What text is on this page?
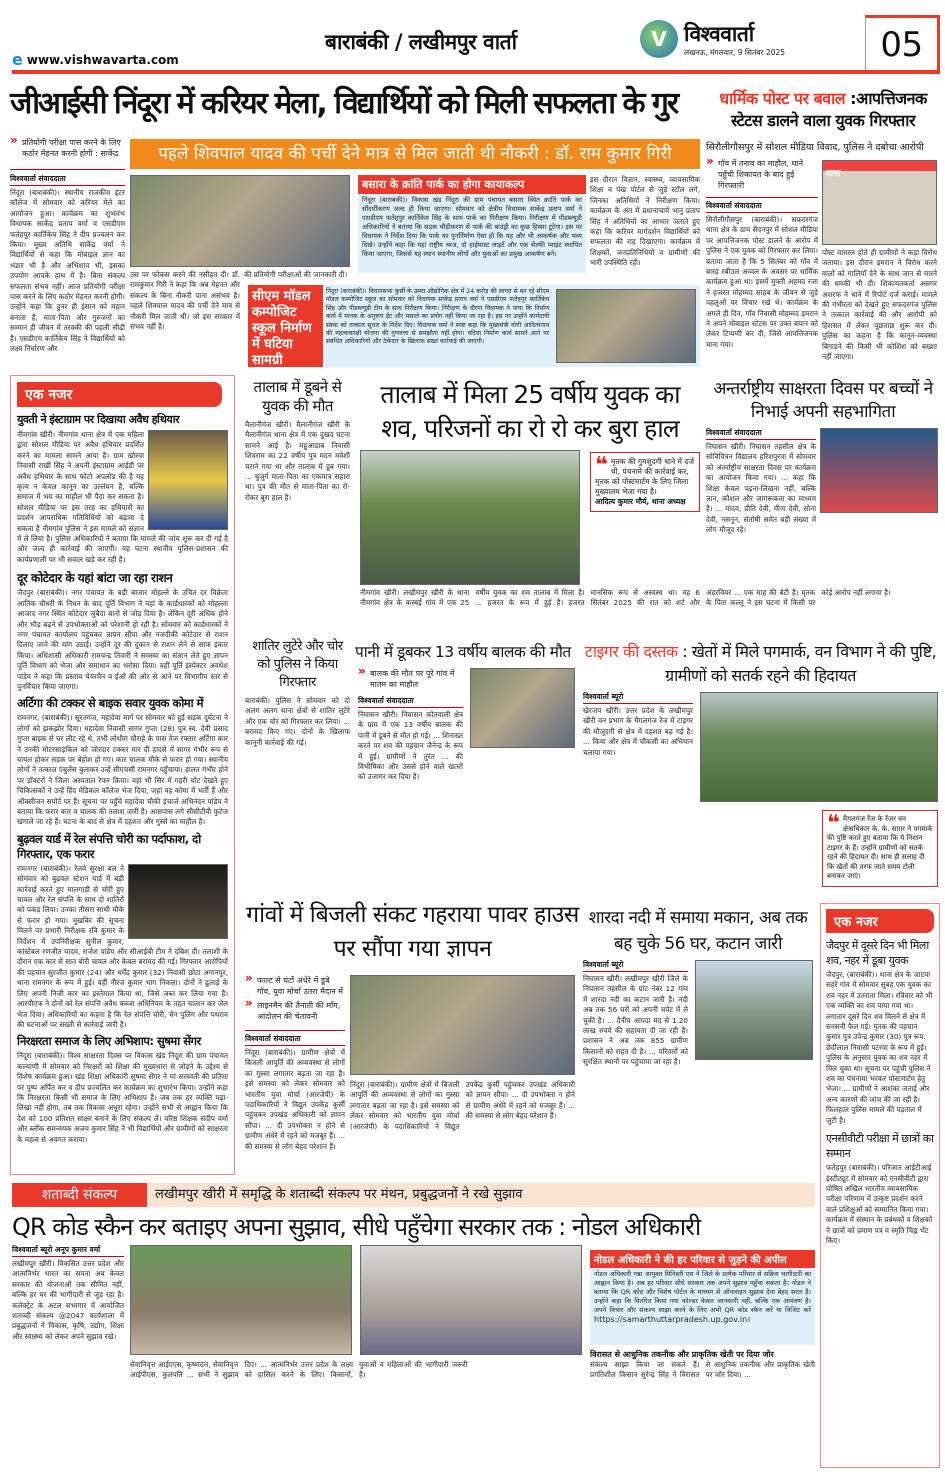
e www.vishwavarta.com
बाराबंकी / लखीमपुर वार्ता	V विश्ववार्ता
लखनऊ, मंगलवार, 9 सितंबर 2025	05
जीआईसी निंदूरा में करियर मेला, विद्यार्थियों को मिली सफलता के गुर
पहले शिवपाल यादव की पर्ची देने मात्र से मिल जाती थी नौकरी : डॉ. राम कुमार गिरी
» प्रतियोगी परीक्षा पास करने के लिए कठोर मेहनत करनी होगी : साकेंद्र
विश्ववार्ता संवाददाता
निंदूरा (बाराबंकी)। स्थानीय राजकीय इंटर कॉलेज में सोमवार को करियर मेले का आयोजन हुआ। कार्यक्रम का शुभारंभ विधायक साकेंद्र प्रताप वर्मा व एसडीएम फतेहपुर कार्तिकेय सिंह ने दीप प्रज्वलन कर किया। मुख्य अतिथि साकेंद्र वर्मा ने विद्यार्थियों से कहा कि मोबाइल ज्ञान का भंडार भी है और अभिशाप भी, इसका उपयोग आपके हाथ में है। बिना संकल्प सफलता संभव नहीं। आज प्रतियोगी परीक्षा पास करने के लिए कठोर मेहनत करनी होगी। उन्होंने कहा कि हुनर ही इंसान को महान बनाता है, माता-पिता और गुरुजनों का सम्मान ही जीवन में तरक्की की पहली सीढ़ी है। एसडीएम कार्तिकेय सिंह ने विद्यार्थियों को लक्ष्य निर्धारण और
उस पर फोकस करने की नसीहत दी। डॉ. रामकुमार गिरी ने कहा कि अब मेहनत और संकल्प के बिना नौकरी पाना असंभव है। पहले शिवपाल यादव की पर्ची देने मात्र से नौकरी मिल जाती थी। जो इस सरकार में संभव नहीं है।
की प्रतियोगी परीक्षाओं की जानकारी दी।
बसारा के क्रांति पार्क का होगा कायाकल्प
निंदूरा (बाराबंकी)। विकास खंड निंदूरा की ग्राम पंचायत बसारा स्थित क्रांति पार्क का सौंदर्यीकरण जल्द ही किया जाएगा। सोमवार को क्षेत्रीय विधायक साकेंद्र प्रताप वर्मा ने एसडीएम फतेहपुर कार्तिकेय सिंह के साथ पार्क का निरीक्षण किया। निरीक्षण में पीडब्ल्यूडी अधिकारियों ने बताया कि सड़क चौड़ीकरण से पार्क की बाउंड्री का कुछ हिस्सा टूटेगा। इस पर विधायक ने निर्देश दिया कि पार्क का पुनर्निर्माण ऐसा हो कि यह और भी आकर्षक और भव्य दिखे। उन्होंने कहा कि यहां राष्ट्रीय ध्वज, दो हाईमास्ट लाइटें और एक सेल्फी प्वाइंट स्थापित किया जाएगा, जिससे यह स्थान स्थानीय लोगों और युवाओं का प्रमुख आकर्षण बने।
इस दौरान विज्ञान, स्वास्थ्य, व्यावसायिक शिक्षा व पंख पोर्टल से जुड़े स्टॉल लगे, जिनका अतिथियों ने निरीक्षण किया। कार्यक्रम के अंत में प्रधानाचार्य भानु प्रताप सिंह ने अतिथियों का आभार जताते हुए कहा कि करियर मार्गदर्शन विद्यार्थियों को सफलता की राह दिखाएगा। कार्यक्रम में शिक्षकों, जनप्रतिनिधियों व ग्रामीणों की भारी उपस्थिति रही।
सीएम मॉडल कम्पोजिट स्कूल निर्माण में घटिया सामग्री
निंदूरा (बाराबंकी)। विधानसभा कुर्सी के उमरा औद्योगिक क्षेत्र में 24 करोड़ की लागत से बन रहे सीएम मॉडल कम्पोजिट स्कूल का सोमवार को विधायक साकेंद्र प्रताप वर्मा ने एसडीएम फतेहपुर कार्तिकेय सिंह और पीडब्ल्यूडी टीम के साथ निरीक्षण किया। निरीक्षण के दौरान विधायक ने पाया कि निर्माण कार्य में मानक के अनुरूप ईंट और मसाले का प्रयोग नहीं किया जा रहा है। इस पर उन्होंने कार्यदायी संस्था को तत्काल सुधार के निर्देश दिए। विधायक वर्मा ने स्पष्ट कहा कि मुख्यमंत्री योगी आदित्यनाथ की महत्वाकांक्षी योजना की गुणवत्ता से समझौता नहीं होगा। घटिया निर्माण कार्य सामने आने पर संबंधित अधिकारियों और ठेकेदार के खिलाफ सख्त कार्रवाई की जाएगी।
धार्मिक पोस्ट पर बवाल :आपत्तिजनक स्टेटस डालने वाला युवक गिरफ्तार
सिरौलीगौसपुर में सोशल मीडिया विवाद, पुलिस ने दबोचा आरोपी
» गॉव में तनाव का माहौल, थाने पहुँची शिकायत के बाद हुई गिरफ्तारी
विश्ववार्ता संवाददाता
सिरौलीगौसपुर (बाराबंकी)। सफदरगंज थाना क्षेत्र के ग्राम सैदनपुर में सोशल मीडिया पर आपत्तिजनक पोस्ट डालने के आरोप में पुलिस ने एक युवक को गिरफ्तार कर लिया। बताया जाता है कि 5 सितंबर को गाँव में बारह रबीउल अव्वल के अवसर पर धार्मिक कार्यक्रम हुआ था। इसमें मुफ्ती अहमद रजा ने हजरत मोहम्मद साहब के जीवन से जुड़े पहलुओं पर विचार रखे थे। कार्यक्रम के अगले ही दिन, गाँव निवासी मोहम्मद इमरान ने अपने मोबाइल स्टेटस पर उक्त बयान को लेकर टिप्पणी कर दी, जिसे आपत्तिजनक माना गया।
थाना
पोस्ट वायरल होते ही ग्रामीणों ने कड़ा विरोध जताया। इस दौरान इमरान ने विरोध करने वालों को गालियाँ देने के साथ जान से मारने की धमकी भी दी। शिकायतकर्ता असगर अशरफ ने थाने में रिपोर्ट दर्ज कराई। मामले की गंभीरता को देखते हुए सफदरगंज पुलिस ने तत्काल कार्रवाई की और आरोपी को हिरासत में लेकर पूछताछ शुरू कर दी। पुलिस का कहना है कि कानून-व्यवस्था बिगाड़ने की किसी भी कोशिश को बख्शा नहीं जाएगा।
एक नजर
युवती ने इंस्टाग्राम पर दिखाया अवैध हथियार
नीमगांव खीरी। नीमगांव थाना क्षेत्र में एक महिला द्वारा सोशल मीडिया पर अवैध हथियार प्रदर्शित करने का मामला सामने आया है। ग्राम खोरवा निवासी राखी सिंह ने अपनी इंस्टाग्राम आईडी पर अवैध हथियार के साथ फोटो अपलोड की है यह कृत्य न केवल कानून का उल्लंघन है, बल्कि समाज में भय का माहौल भी पैदा कर सकता है। सोशल मीडिया पर इस तरह का हथियारों का प्रदर्शन आपराधिक गतिविधियों को बढ़ावा दे सकता है नीमगांव पुलिस ने इस मामले को संज्ञान में ले लिया है। पुलिस अधिकारियों ने बताया कि मामले की जांच शुरू कर दी गई है और जल्द ही कार्रवाई की जाएगी। यह घटना स्थानीय पुलिस-प्रशासन की कार्यप्रणाली पर भी सवाल खड़े कर रही है।
दूर कोटेदार के यहां बांटा जा रहा राशन
जैदपुर (बाराबंकी)। नगर पंचायत के बड़ी बाजार मोहल्ले के उचित दर विक्रेता आतिक चौधरी के निधन के बाद पूर्ति विभाग ने यहां के कार्डधारकों को मोहल्ला आजाद नगर स्थित कोटेदार जुबैदा बानो से जोड़ दिया है। लेकिन दूरी अधिक होने और भीड़ बढ़ने से उपभोक्ताओं को परेशानी हो रही है। सोमवार को कार्डधारकों ने नगर पंचायत कार्यालय पहुंचकर ज्ञापन सौंपा और नजदीकी कोटेदार से राशन दिलाए जाने की मांग उठाई। उन्होंने दूर की दुकान से राशन लेने से साफ इंकार किया। अधिशासी अधिकारी रामचन्द्र तिवारी ने समस्या का संज्ञान लेते हुए ज्ञापन पूर्ति विभाग को भेजा और समाधान का भरोसा दिया। वहीं पूर्ति इंस्पेक्टर अवधेश पांडेय ने कहा कि प्रस्ताव चेयरमैन व ईओ की ओर से आने पर विभागीय स्तर से पुनर्विचार किया जाएगा।
अर्टिगा की टक्कर से बाइक सवार युवक कोमा में
रामनगर, (बाराबंकी)। सूरतगंज, महादेवा मार्ग पर सोमवार को हुई सड़क दुर्घटना ने लोगों को झकझोर दिया। महादेवा निवासी सागर गुप्ता (28) पुत्र स्व. देवी प्रसाद गुप्ता बाइक से घर लौट रहे थे, तभी लोधौरा चौराहे के पास तेज रफ्तार अर्टिगा कार ने उनकी मोटरसाइकिल को जोरदार टक्कर मार दी हादसे में सागर गंभीर रूप से घायल होकर सड़क पर बेहोश हो गए। कार चालक मौके से फरार हो गया। स्थानीय लोगों ने तत्काल एंबुलेंस बुलाकर उन्हें सीएचसी रामनगर पहुँचाया। हालत गंभीर होने पर डॉक्टरों ने जिला अस्पताल रेफर किया। वहां भी सिर में गहरी चोट देखते हुए चिकित्सकों ने उन्हें हिंद मेडिकल कॉलेज भेज दिया, जहां वह कोमा में भर्ती हैं और ऑक्सीजन सपोर्ट पर हैं। सूचना पर पहुँचे महादेवा चौकी इंचार्ज अभिनंदन पांडेय ने बताया कि फरार कार व चालक की तलाश जारी है। आसपास लगे सीसीटीवी फुटेज खंगाले जा रहे हैं। घटना के बाद से क्षेत्र में दहशत और गुस्से का माहौल है।
बुढ़वल यार्ड में रेल संपत्ति चोरी का पर्दाफाश, दो गिरफ्तार, एक फरार
रामनगर (बाराबंकी)। रेलवे सुरक्षा बल ने सोमवार को बुढ़वल स्टेशन यार्ड में बड़ी कार्रवाई करते हुए मालगाड़ी से चोरी हुए चावल और रेल संपत्ति के साथ दो शातिरों को पकड़ लिया। उनका तीसरा साथी मौके से फरार हो गया। मुखबिर की सूचना मिलने पर प्रभारी निरीक्षक रवि कुमार के निर्देशन में उपनिरीक्षक सुनील कुमार, कांस्टेबल रणजीत यादव, राजेश पांडेय और सीआईबी टीम ने दबिश दी। तलाशी के दौरान एक कार से सात बोरी चावल और केबल बरामद की गई। गिरफ्तार आरोपियों की पहचान सुरजीत कुमार (24) और धर्मेंद्र कुमार (32) निवासी छोटा अगानपुर, थाना रामनगर के रूप में हुई। वहीं नीरज कुमार भाग निकला। दोनों ने ढुलाई के लिए अपनी निजी कार का इस्तेमाल किया था, जिसे जब्त कर लिया गया है। आरपीएफ ने दोनों को रेल संपत्ति अवैध कब्जा अधिनियम के तहत चालान कर जेल भेज दिया। अधिकारियों का कहना है कि रेल संपत्ति चोरी, चेन पुलिंग और पथराव की घटनाओं पर सख्ती से कार्रवाई जारी है।
निरक्षरता समाज के लिए अभिशाप: सुषमा सेंगर
निंदूरा (बाराबंकी)। विश्व साक्षरता दिवस पर विकास खंड निंदूरा की ग्राम पंचायत कल्याणी में सोमवार को निरक्षरों को शिक्षा की मुख्यधारा से जोड़ने के उद्देश्य से विशेष कार्यक्रम हुआ। खंड शिक्षा अधिकारी सुषमा सेंगर ने मां सरस्वती की प्रतिमा पर पुष्प अर्पित कर व दीप प्रज्वलित कर कार्यक्रम का शुभारंभ किया। उन्होंने कहा कि निरक्षरता किसी भी समाज के लिए अभिशाप है। जब तक हर व्यक्ति पढ़ा-लिखा नहीं होगा, तब तक विकास अधूरा रहेगा। उन्होंने सभी से आह्वान किया कि देश को 100 प्रतिशत साक्षर बनाने के लिए संकल्प लें। वरिष्ठ शिक्षक संदीप वर्मा और ब्लॉक समन्वयक अजय कुमार सिंह ने भी विद्यार्थियों और ग्रामीणों को साक्षरता के महत्व से अवगत कराया।
तालाब में डूबने से युवक की मौत
मैलानीगंज खीरी। मैलानीगंज खीरी के मैलानीगंज थाना क्षेत्र में एक दुखद घटना सामने आई है। महुआडाब निवासी शिवराम का 22 वर्षीय पुत्र मदन मवेशी चराने गया था और तालाब में डूब गया। ... बुजुर्ग माता-पिता का एकमात्र सहारा था। पुत्र की मौत से माता-पिता का रो-रोकर बुरा हाल है।
तालाब में मिला 25 वर्षीय युवक का शव, परिजनों का रो रो कर बुरा हाल
❝ मृतक की गुमशुदगी थाने में दर्ज थी, पंचनामे की कार्रवाई कर, मृतक को पोस्टमार्टम के लिए जिला मुख्यालय भेजा गया है।
आदित्य कुमार मौर्य, थाना अध्यक्ष
नीमगांव खीरी। लखीमपुर खीरी के थाना नीमगांव क्षेत्र के कस्बई गांव में एक 25 वर्षीय युवक का शव तालाब में मिला है। ... हजरत के रूप में हुई है। हजरत मानसिक रूप से अस्वस्थ था। वह 6 सितंबर 2025 की रात को शर्ट और अंडरवियर ... एक माह की बेटी है। मृतक के पिता कल्लू ने इस घटना में किसी पर कोई आरोप नहीं लगाया है।
अन्तर्राष्ट्रीय साक्षरता दिवस पर बच्चों ने निभाई अपनी सहभागिता
विश्ववार्ता संवाददाता
निघासन खीरी। निघासन तहसील क्षेत्र के सोवियित्रन विद्यालय हरिशपुरवा में सोमवार को अंतर्राष्ट्रीय साक्षरता दिवस पर कार्यक्रम का आयोजन किया गया। ... कहा कि शिक्षा केवल पढ़ना-लिखना नहीं, बल्कि ज्ञान, कौशल और जागरूकता का माध्यम है। ... यादव, प्रीति देवी, मीना देवी, सोना देवी, नसनुन, संतोषी समेत बड़ी संख्या में लोग मौजूद रहे।
शातिर लुटेरे और चोर को पुलिस ने किया गिरफ्तार
बाराबंकी। पुलिस ने सोमवार को दो अलग अलग थाना क्षेत्रों से शातिर लुटेरे और एक चोर को गिरफ्तार कर लिया। ... बरामद किए गए। दोनों के खिलाफ कानूनी कार्रवाई की गई।
पानी में डूबकर 13 वर्षीय बालक की मौत
» बालक की मौत पर पूरे गांव में मातम का माहौल
विश्ववार्ता संवाददाता
निघासन खीरी। निघासन कोतवाली क्षेत्र के ग्राम में एक 13 वर्षीय बालक की पानी में डूबने से मौत हो गई। ... शिनाख्त करने पर शव की पहचान जैनेन्द्र के रूप में हुई। ग्रामीणों ने तुरंत ... की विभीषिका और उससे होने वाले खतरों को उजागर कर दिया है।
टाइगर की दस्तक : खेतों में मिले पगमार्क, वन विभाग ने की पुष्टि, ग्रामीणों को सतर्क रहने की हिदायत
विश्ववार्ता ब्यूरो
खेरजप खीरी। उत्तर प्रदेश के लखीमपुर खीरी वन प्रभाग के मैगलगंज रेंज में टाइगर की मौजूदगी से क्षेत्र में दहशत बढ़ गई है। ... किया और क्षेत्र में चौकसी का अभियान चलाया गया।
❝ मैगलगंज रेंज के रेंजर वन क्षेत्राधिकार के. के. सागर ने पगमार्क की पुष्टि करते हुए बताया कि ये निशान टाइगर के हैं। उन्होंने ग्रामीणों को सतर्क रहने की हिदायत दी। साथ ही सलाह दी कि खेतों की तरफ जाते समय टोली बनाकर जाएं।
गांवों में बिजली संकट गहराया पावर हाउस पर सौंपा गया ज्ञापन
» फाल्ट से घंटों अंधेरे में डूबे गॉव, युवा मोर्चा उतरा मैदान में
» लाइनमैन की तैनाती की मॉंग, आंदोलन की चेतावनी
विश्ववार्ता संवाददाता
निंदूरा (बाराबंकी)। ग्रामीण क्षेत्रों में बिजली आपूर्ति की अव्यवस्था से लोगों का गुस्सा लगातार बढ़ता जा रहा है। इसे समस्या को लेकर सोमवार को भारतीय युवा मोर्चा (आरजेपी) के पदाधिकारियों ने विद्युत उपकेंद्र कुर्सी पहुंचकर उपखंड अधिकारी को ज्ञापन सौंपा। ... दी उपभोक्ता न होने से ग्रामीण अंधेरे में रहने को मजबूर हैं। ... की समस्या से लोग बेहद परेशान हैं।
निंदूरा (बाराबंकी)। ग्रामीण क्षेत्रों में बिजली आपूर्ति की अव्यवस्था से लोगों का गुस्सा लगातार बढ़ता जा रहा है। इसे समस्या को लेकर सोमवार को भारतीय युवा मोर्चा (आरजेपी) के पदाधिकारियों ने विद्युत उपकेंद्र कुर्सी पहुंचकर उपखंड अधिकारी को ज्ञापन सौंपा। ... दी उपभोक्ता न होने से ग्रामीण अंधेरे में रहने को मजबूर हैं। ... की समस्या से लोग बेहद परेशान हैं।
शारदा नदी में समाया मकान, अब तक बह चुके 56 घर, कटान जारी
विश्ववार्ता ब्यूरो
निघासन खीरी। लखीमपुर खीरी जिले के निघासन तहसील के ग्रांट नंबर 12 गांव में शारदा नदी का कटान जारी है। नदी अब तक 56 घरों को अपनी चपेट में ले चुकी है। ... दैनीय आपदा मद से 1.20 लाख रुपये की सहायता दी जा रही है। प्रशासन ने अब तक 855 ग्रामीण किसानों को राहत दी है। ... परिवारों को सुरक्षित स्थानों पर पहुंचाया जा रहा है।
एक नजर
जैदपुर में दूसरे दिन भी मिला शव, नहर में डूबा युवक
जैदपुर, (बाराबंकी)। थाना क्षेत्र के जाटवा सहरे गांव में सोमवार सुबह एक युवक का शव नहर में उतराता मिला। रविवार को भी एक व्यक्ति का शव पाया गया था। लगातार दूसरे दिन शव मिलने से क्षेत्र में सनसनी फैल गई। मृतक की पहचान कुमार पुत्र उपेन्द्र कुमार (30) पुत्र रूप. छेदीलाल निवासी पटरवा के रूप में हुई। पुलिस के अनुसार युवक का शव नहर में मिल चुका था। सूचना पर पहुंची पुलिस ने शव का पंचनामा भरकर पोस्टमार्टम हेतु भेजा। ... ग्रामीणों ने आशंका जताई और अन्य कारणों की जांच की जा रही है। फिलहाल पुलिस मामले की पड़ताल में जुटी है।
एनसीवीटी परीक्षा में छात्रों का सम्मान
फतेहपुर (बाराबंकी)। परिजात आईटीआई इंस्टीट्यूट में सोमवार को एनसीवीटी द्वारा घोषित अखिल भारतीय व्यावसायिक परीक्षा परिणाम में उत्कृष्ट प्रदर्शन करने वाले प्रशिक्षुओं को सम्मानित किया गया। कार्यक्रम में संस्थान के प्रबंधकों व शिक्षकों ने छात्रों को प्रमाण पत्र व स्मृति चिह्न भेंट किए।
शताब्दी संकल्प	लखीमपुर खीरी में समृद्धि के शताब्दी संकल्प पर मंथन, प्रबुद्धजनों ने रखे सुझाव
QR कोड स्कैन कर बताइए अपना सुझाव, सीधे पहुँचेगा सरकार तक : नोडल अधिकारी
विश्ववार्ता ब्यूरो अनूप कुमार वर्मा
लखीमपुर खीरी। विकसित उत्तर प्रदेश और आत्मनिर्भर भारत का सपना अब केवल सरकार की योजनाओं तक सीमित नहीं, बल्कि हर घर की भागीदारी से जुड़ रहा है। कलेक्ट्रेट के अटल सभागार में आयोजित शताब्दी संकल्प @2047 कार्यशाला में प्रबुद्धजनों ने विकास, कृषि, उद्योग, शिक्षा और स्वास्थ्य को लेकर अपने सुझाव रखे।
सेवानिवृत्त आईएएस, कृष्णदत्त, सेवानिवृत्त आईपीएस, कुलपति ... सभी ने सुझाव दिए। ... आत्मनिर्भर उत्तर प्रदेश के लक्ष्य को हासिल करने के लिए। किसानों, युवाओं व महिलाओं की भागीदारी जरूरी है।
नोडल अधिकारी ने की हर परिवार से जुड़ने की अपील
नोडल अधिकारी गन्ना आयुक्त मिनिस्ती एस ने जिले के प्रत्येक परिवार से सक्रिय भागीदारी का आह्वान किया है। अब हर परिवार सीधे सरकार तक अपने सुझाव पहुँचा सकता है। नोडल ने बताया कि QR कोड और विशेष पोर्टल के माध्यम से ऑनलाइन सुझाव देना बेहद सरल है। उन्होंने कहा कि वितरित किया गया फोल्डर केवल जानकारी नहीं, बल्कि एक आमंत्रण है। अपने विचार और संकल्प साझा करने के लिए अभी QR कोड स्कैन करें या विजिट करें https://samarthuttarpradesh.up.gov.in।
विरासत से आधुनिक तकनीक और प्राकृतिक खेती पर दिया जोर
संकल्प साझा किया जा सकते हैं। प्रगतिशील किसान सुरेन्द्र सिंह ने विरासत से आधुनिक तकनीक और प्राकृतिक खेती पर जोर दिया। ...
